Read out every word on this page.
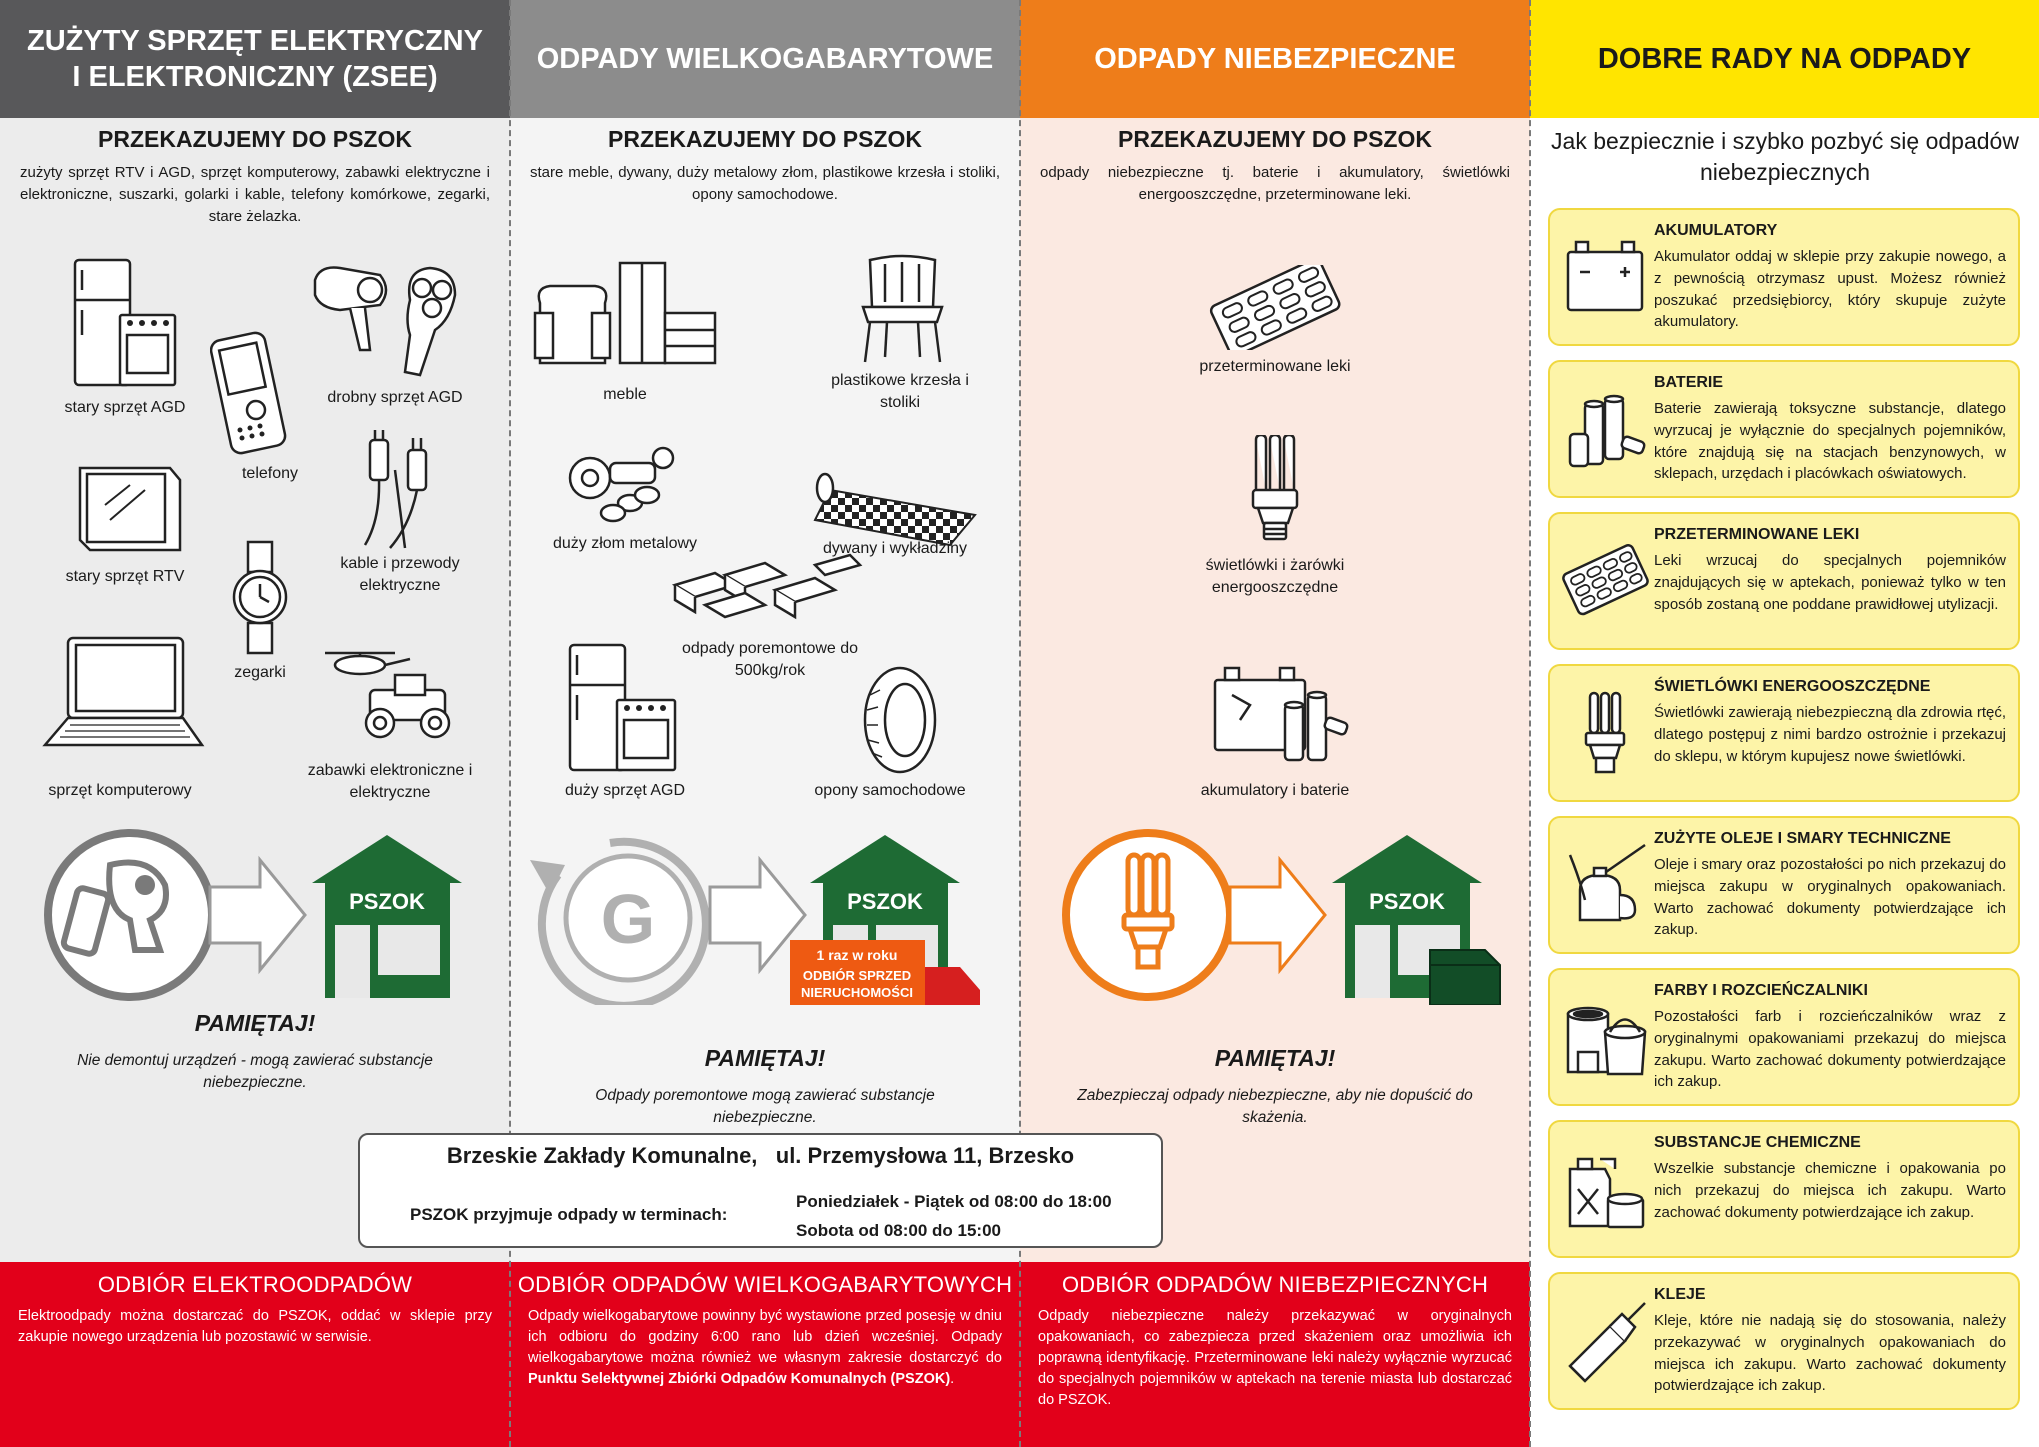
ZUŻYTY SPRZĘT ELEKTRYCZNY I ELEKTRONICZNY (ZSEE)
PRZEKAZUJEMY DO PSZOK
zużyty sprzęt RTV i AGD, sprzęt komputerowy, zabawki elektryczne i elektroniczne, suszarki, golarki i kable, telefony komórkowe, zegarki, stare żelazka.
stary sprzęt AGD
drobny sprzęt AGD
telefony
stary sprzęt RTV
kable i przewody elektryczne
zegarki
sprzęt komputerowy
zabawki elektroniczne i elektryczne
PSZOK
PAMIĘTAJ!
Nie demontuj urządzeń - mogą zawierać substancje niebezpieczne.
ODBIÓR ELEKTROODPADÓW

Elektroodpady można dostarczać do PSZOK, oddać w sklepie przy zakupie nowego urządzenia lub pozostawić w serwisie.

ODPADY WIELKOGABARYTOWE
PRZEKAZUJEMY DO PSZOK
stare meble, dywany, duży metalowy złom, plastikowe krzesła i stoliki, opony samochodowe.
meble
plastikowe krzesła i stoliki
duży złom metalowy	dywany i wykładziny
odpady poremontowe do 500kg/rok
duży sprzęt AGD	opony samochodowe
G	PSZOK
1 raz w roku
ODBIÓR SPRZED
NIERUCHOMOŚCI
PAMIĘTAJ!
Odpady poremontowe mogą zawierać substancje niebezpieczne.
ODBIÓR ODPADÓW WIELKOGABARYTOWYCH

Odpady wielkogabarytowe powinny być wystawione przed posesję w dniu ich odbioru do godziny 6:00 rano lub dzień wcześniej. Odpady wielkogabarytowe można również we własnym zakresie dostarczyć do Punktu Selektywnej Zbiórki Odpadów Komunalnych (PSZOK).

ODPADY NIEBEZPIECZNE
PRZEKAZUJEMY DO PSZOK
odpady niebezpieczne tj. baterie i akumulatory, świetlówki energooszczędne, przeterminowane leki.
przeterminowane leki
świetlówki i żarówki energooszczędne
akumulatory i baterie
PSZOK
PAMIĘTAJ!
Zabezpieczaj odpady niebezpieczne, aby nie dopuścić do skażenia.
ODBIÓR ODPADÓW NIEBEZPIECZNYCH

Odpady niebezpieczne należy przekazywać w oryginalnych opakowaniach, co zabezpiecza przed skażeniem oraz umożliwia ich poprawną identyfikację. Przeterminowane leki należy wyłącznie wyrzucać do specjalnych pojemników w aptekach na terenie miasta lub dostarczać do PSZOK.

DOBRE RADY NA ODPADY
Jak bezpiecznie i szybko pozbyć się odpadów niebezpiecznych
AKUMULATORY

Akumulator oddaj w sklepie przy zakupie nowego, a z pewnością otrzymasz upust. Możesz również poszukać przedsiębiorcy, który skupuje zużyte akumulatory.

BATERIE

Baterie zawierają toksyczne substancje, dlatego wyrzucaj je wyłącznie do specjalnych pojemników, które znajdują się na stacjach benzynowych, w sklepach, urzędach i placówkach oświatowych.

PRZETERMINOWANE LEKI

Leki wrzucaj do specjalnych pojemników znajdujących się w aptekach, ponieważ tylko w ten sposób zostaną one poddane prawidłowej utylizacji.

ŚWIETLÓWKI ENERGOOSZCZĘDNE

Świetlówki zawierają niebezpieczną dla zdrowia rtęć, dlatego postępuj z nimi bardzo ostrożnie i przekazuj do sklepu, w którym kupujesz nowe świetlówki.

ZUŻYTE OLEJE I SMARY TECHNICZNE

Oleje i smary oraz pozostałości po nich przekazuj do miejsca zakupu w oryginalnych opakowaniach. Warto zachować dokumenty potwierdzające ich zakup.

FARBY I ROZCIEŃCZALNIKI

Pozostałości farb i rozcieńczalników wraz z oryginalnymi opakowaniami przekazuj do miejsca zakupu. Warto zachować dokumenty potwierdzające ich zakup.

SUBSTANCJE CHEMICZNE

Wszelkie substancje chemiczne i opakowania po nich przekazuj do miejsca ich zakupu. Warto zachować dokumenty potwierdzające ich zakup.

KLEJE

Kleje, które nie nadają się do stosowania, należy przekazywać w oryginalnych opakowaniach do miejsca ich zakupu. Warto zachować dokumenty potwierdzające ich zakup.

Brzeskie Zakłady Komunalne,   ul. Przemysłowa 11, Brzesko
PSZOK przyjmuje odpady w terminach:
Poniedziałek - Piątek od 08:00 do 18:00
Sobota od 08:00 do 15:00
